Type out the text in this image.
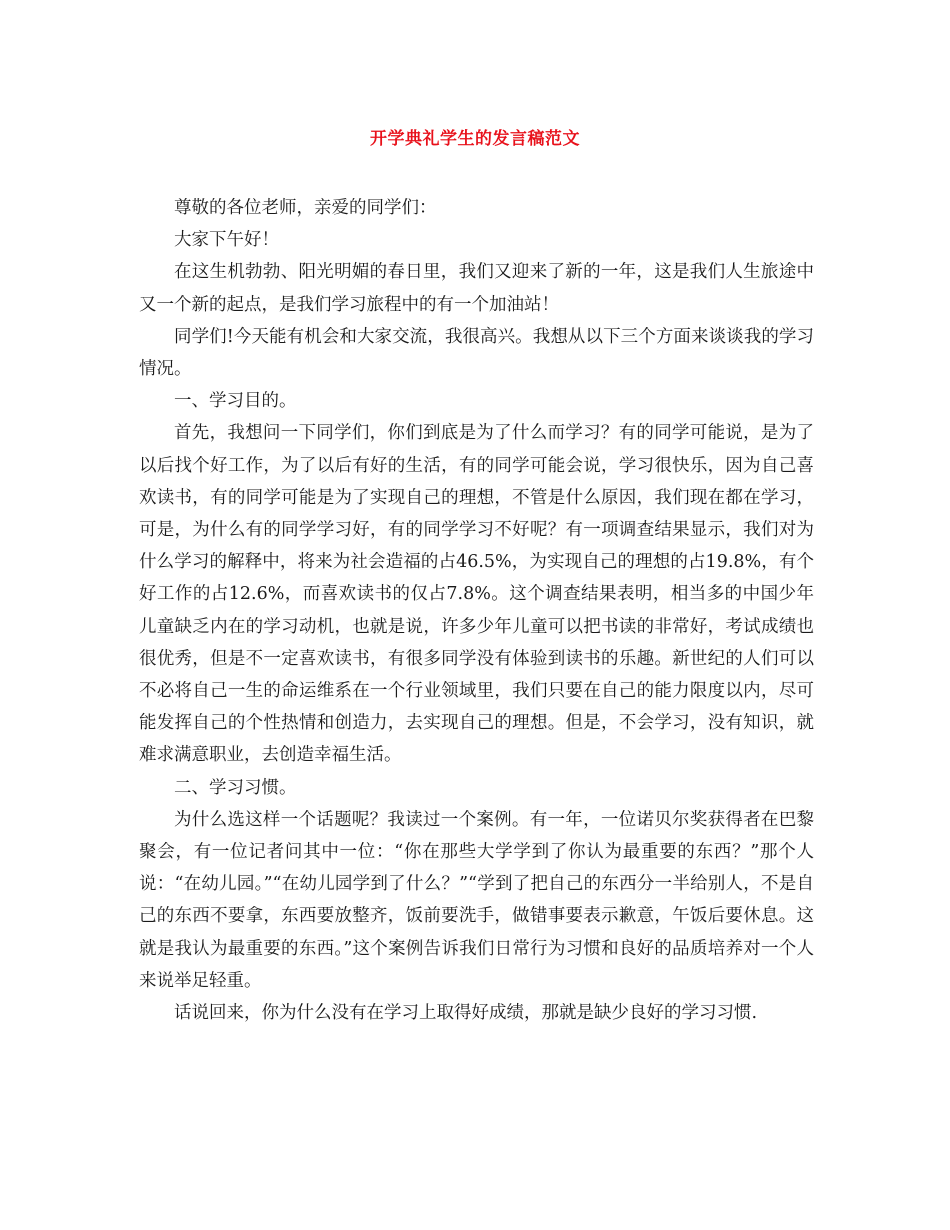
开学典礼学生的发言稿范文

尊敬的各位老师，亲爱的同学们：

大家下午好！

在这生机勃勃、阳光明媚的春日里，我们又迎来了新的一年，这是我们人生旅途中又一个新的起点，是我们学习旅程中的有一个加油站！

同学们!今天能有机会和大家交流，我很高兴。我想从以下三个方面来谈谈我的学习情况。

一、学习目的。

首先，我想问一下同学们，你们到底是为了什么而学习？有的同学可能说，是为了以后找个好工作，为了以后有好的生活，有的同学可能会说，学习很快乐，因为自己喜欢读书，有的同学可能是为了实现自己的理想，不管是什么原因，我们现在都在学习，可是，为什么有的同学学习好，有的同学学习不好呢？有一项调查结果显示，我们对为什么学习的解释中，将来为社会造福的占46.5%，为实现自己的理想的占19.8%，有个好工作的占12.6%，而喜欢读书的仅占7.8%。这个调查结果表明，相当多的中国少年儿童缺乏内在的学习动机，也就是说，许多少年儿童可以把书读的非常好，考试成绩也很优秀，但是不一定喜欢读书，有很多同学没有体验到读书的乐趣。新世纪的人们可以不必将自己一生的命运维系在一个行业领域里，我们只要在自己的能力限度以内，尽可能发挥自己的个性热情和创造力，去实现自己的理想。但是，不会学习，没有知识，就难求满意职业，去创造幸福生活。

二、学习习惯。

为什么选这样一个话题呢？我读过一个案例。有一年，一位诺贝尔奖获得者在巴黎聚会，有一位记者问其中一位：“你在那些大学学到了你认为最重要的东西？”那个人说：“在幼儿园。”“在幼儿园学到了什么？”“学到了把自己的东西分一半给别人，不是自己的东西不要拿，东西要放整齐，饭前要洗手，做错事要表示歉意，午饭后要休息。这就是我认为最重要的东西。”这个案例告诉我们日常行为习惯和良好的品质培养对一个人来说举足轻重。

话说回来，你为什么没有在学习上取得好成绩，那就是缺少良好的学习习惯.
